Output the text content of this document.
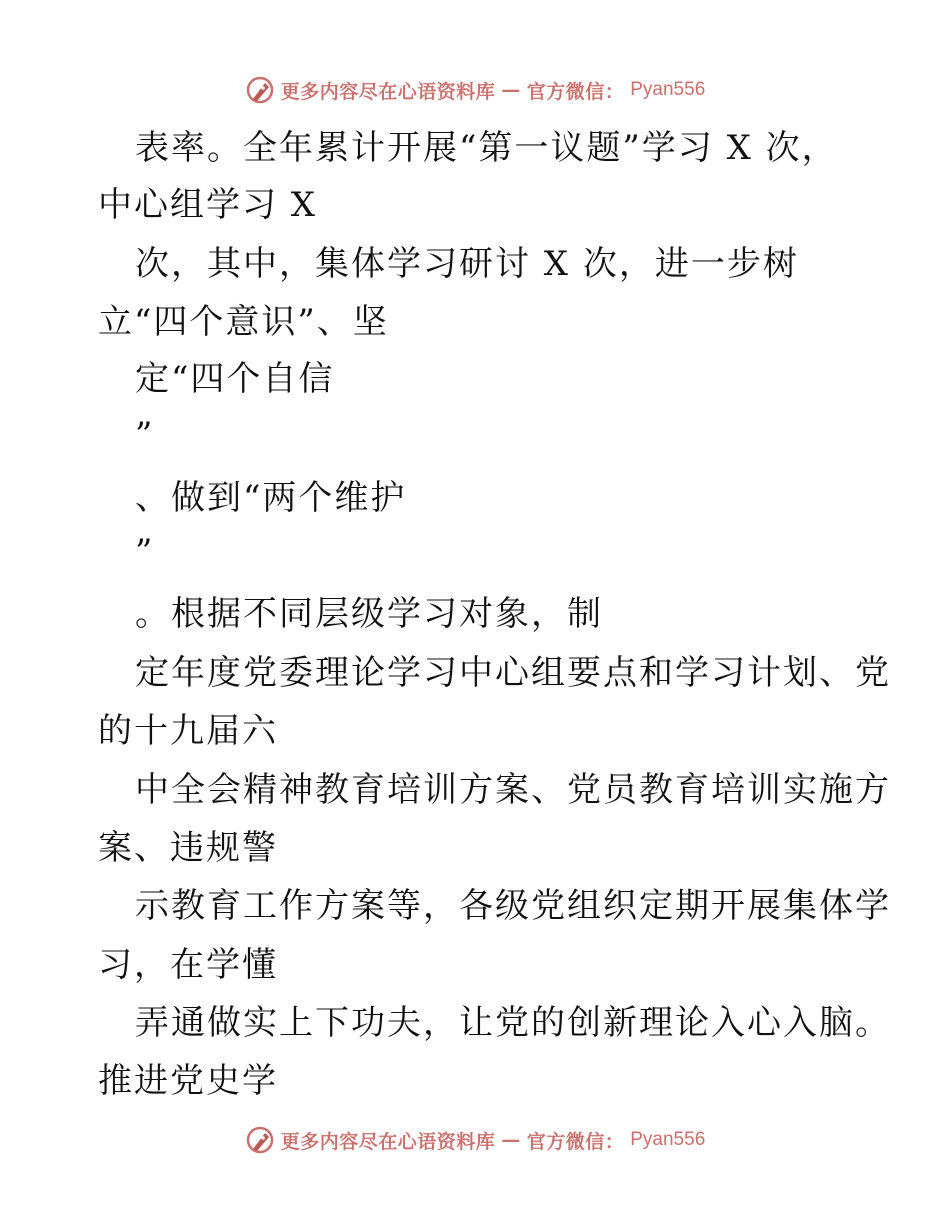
更多内容尽在心语资料库 — 官方微信： Pyan556
表率。全年累计开展“第一议题”学习 X 次，
中心组学习 X
次，其中，集体学习研讨 X 次，进一步树
立“四个意识”、坚
定“四个自信
”
、做到“两个维护
”
。根据不同层级学习对象，制
定年度党委理论学习中心组要点和学习计划、党
的十九届六
中全会精神教育培训方案、党员教育培训实施方
案、违规警
示教育工作方案等，各级党组织定期开展集体学
习，在学懂
弄通做实上下功夫，让党的创新理论入心入脑。
推进党史学
更多内容尽在心语资料库 — 官方微信： Pyan556
